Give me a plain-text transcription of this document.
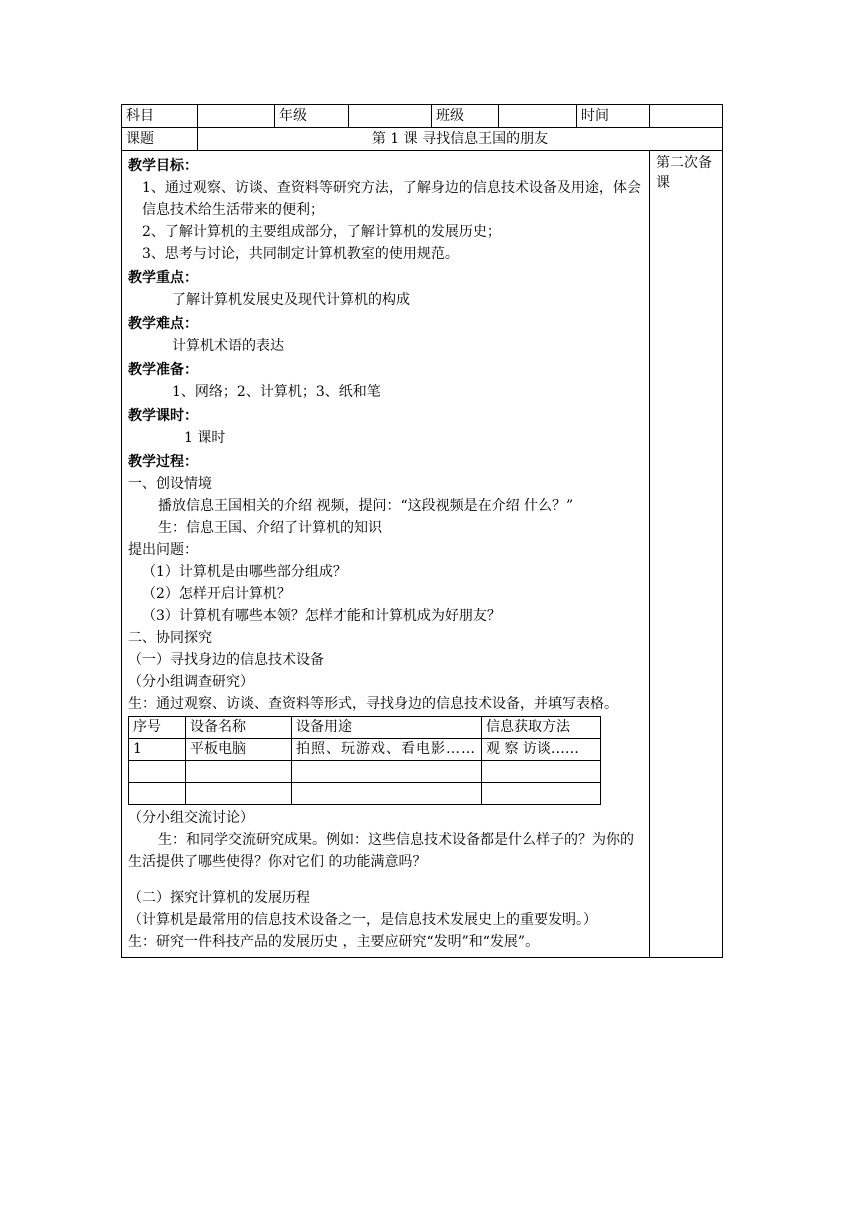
科目		年级		班级		时间	
课题	第 1 课 寻找信息王国的朋友

教学目标：

1、通过观察、访谈、查资料等研究方法，了解身边的信息技术设备及用途，体会信息技术给生活带来的便利；

2、了解计算机的主要组成部分，了解计算机的发展历史；

3、思考与讨论，共同制定计算机教室的使用规范。

教学重点：

了解计算机发展史及现代计算机的构成

教学难点：

计算机术语的表达

教学准备：

1、网络；2、计算机；3、纸和笔

教学课时：

1 课时

教学过程：

一、创设情境

播放信息王国相关的介绍 视频，提问：“这段视频是在介绍 什么？”

生：信息王国、介绍了计算机的知识

提出问题：

（1）计算机是由哪些部分组成？

（2）怎样开启计算机？

（3）计算机有哪些本领？怎样才能和计算机成为好朋友？

二、协同探究

（一）寻找身边的信息技术设备

（分小组调查研究）

生：通过观察、访谈、查资料等形式，寻找身边的信息技术设备，并填写表格。

序号	设备名称	设备用途	信息获取方法
1	平板电脑	拍照、玩游戏、看电影……	观 察 访谈……

（分小组交流讨论）

生：和同学交流研究成果。例如：这些信息技术设备都是什么样子的？为你的生活提供了哪些使得？你对它们 的功能满意吗？

（二）探究计算机的发展历程

（计算机是最常用的信息技术设备之一，是信息技术发展史上的重要发明。）

生：研究一件科技产品的发展历史 ，主要应研究“发明”和“发展”。

	第二次备课
